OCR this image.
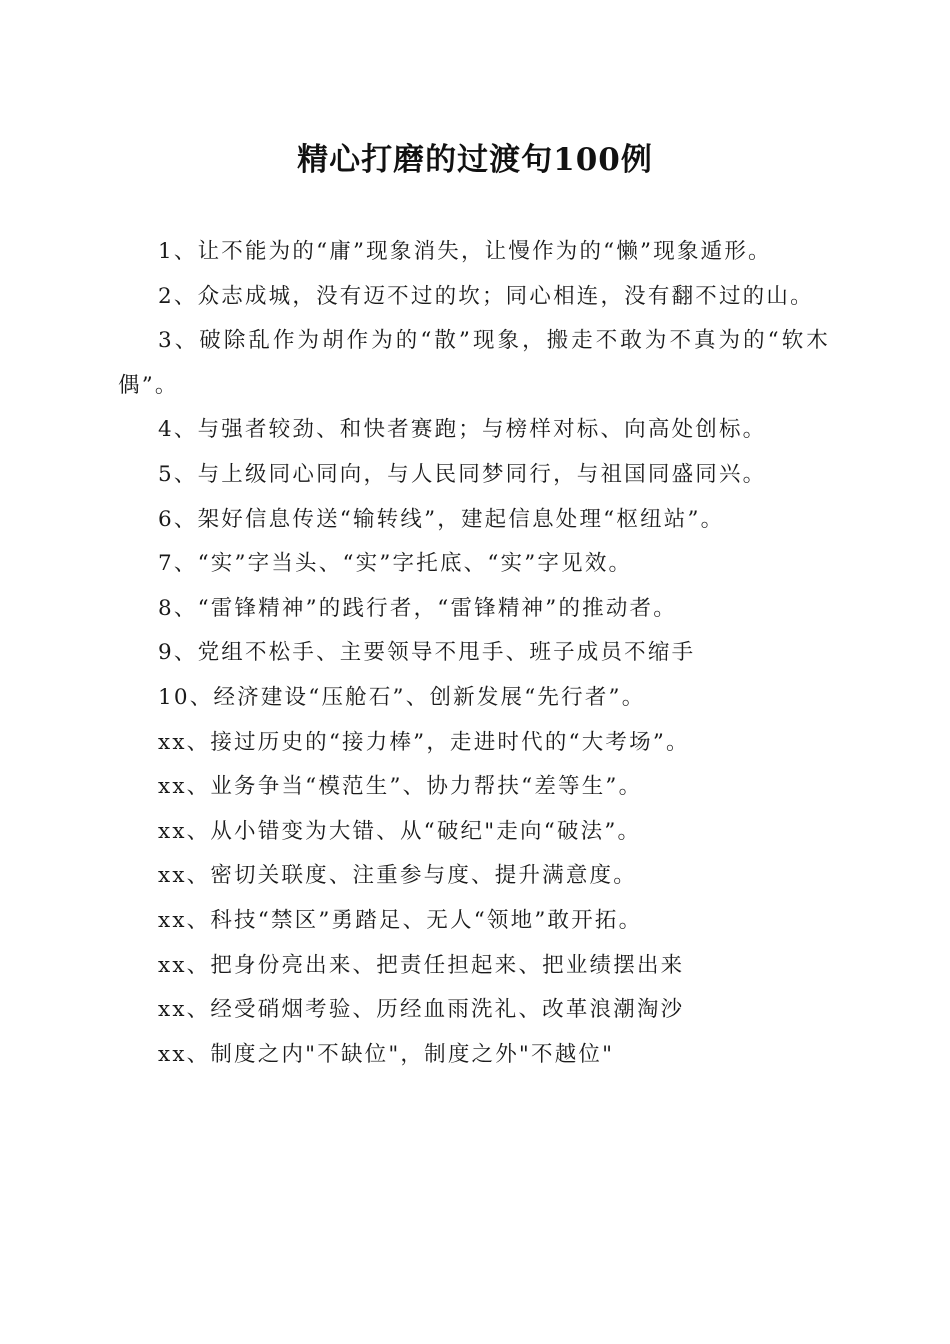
精心打磨的过渡句100例

1、让不能为的“庸”现象消失，让慢作为的“懒”现象遁形。

2、众志成城，没有迈不过的坎；同心相连，没有翻不过的山。

3、破除乱作为胡作为的“散”现象，搬走不敢为不真为的“软木偶”。

4、与强者较劲、和快者赛跑；与榜样对标、向高处创标。

5、与上级同心同向，与人民同梦同行，与祖国同盛同兴。

6、架好信息传送“输转线”，建起信息处理“枢纽站”。

7、“实”字当头、“实”字托底、“实”字见效。

8、“雷锋精神”的践行者，“雷锋精神”的推动者。

9、党组不松手、主要领导不甩手、班子成员不缩手

10、经济建设“压舱石”、创新发展“先行者”。

xx、接过历史的“接力棒”，走进时代的“大考场”。

xx、业务争当“模范生”、协力帮扶“差等生”。

xx、从小错变为大错、从“破纪"走向“破法”。

xx、密切关联度、注重参与度、提升满意度。

xx、科技“禁区”勇踏足、无人“领地”敢开拓。

xx、把身份亮出来、把责任担起来、把业绩摆出来

xx、经受硝烟考验、历经血雨洗礼、改革浪潮淘沙

xx、制度之内"不缺位"，制度之外"不越位"
